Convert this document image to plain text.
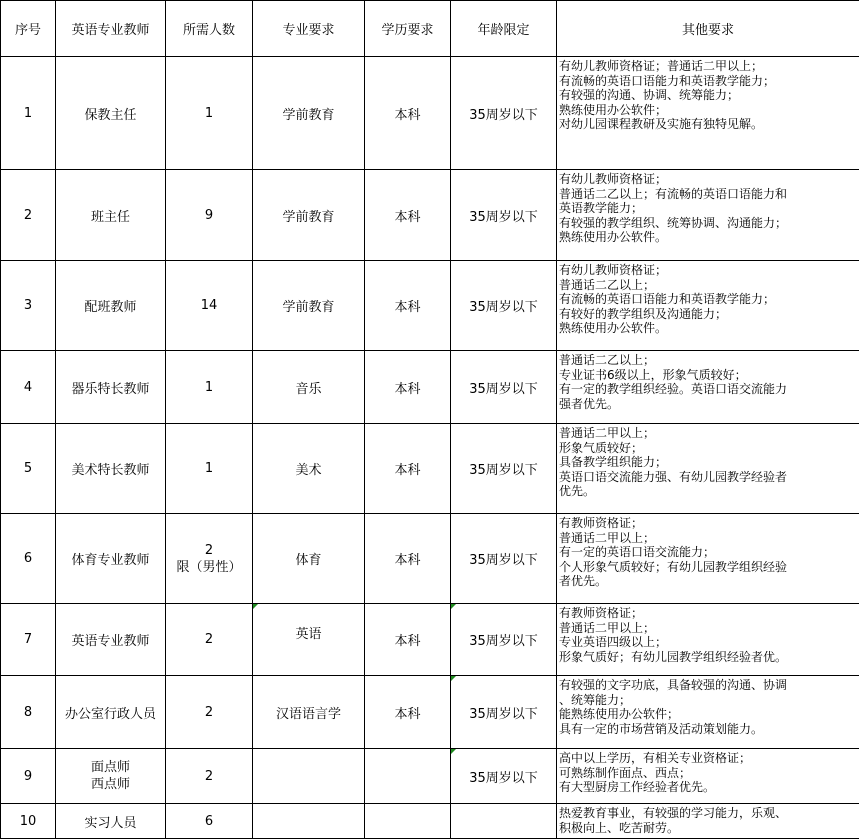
序号	英语专业教师	所需人数	专业要求	学历要求	年龄限定	其他要求
1	保教主任	1	学前教育	本科	35周岁以下	有幼儿教师资格证；普通话二甲以上；
有流畅的英语口语能力和英语教学能力；
有较强的沟通、协调、统筹能力；
熟练使用办公软件；
对幼儿园课程教研及实施有独特见解。

2	班主任	9	学前教育	本科	35周岁以下	有幼儿教师资格证；
普通话二乙以上；有流畅的英语口语能力和
英语教学能力；
有较强的教学组织、统筹协调、沟通能力；
熟练使用办公软件。

3	配班教师	14	学前教育	本科	35周岁以下	有幼儿教师资格证；
普通话二乙以上；
有流畅的英语口语能力和英语教学能力；
有较好的教学组织及沟通能力；
熟练使用办公软件。

4	器乐特长教师	1	音乐	本科	35周岁以下	普通话二乙以上；
专业证书6级以上，形象气质较好；
有一定的教学组织经验。英语口语交流能力
强者优先。

5	美术特长教师	1	美术	本科	35周岁以下	普通话二甲以上；
形象气质较好；
具备教学组织能力；
英语口语交流能力强、有幼儿园教学经验者
优先。

6	体育专业教师	2
限（男性）	体育	本科	35周岁以下	有教师资格证；
普通话二甲以上；
有一定的英语口语交流能力；
个人形象气质较好；有幼儿园教学组织经验
者优先。

7	英语专业教师	2	英语	本科	35周岁以下	有教师资格证；
普通话二甲以上；
专业英语四级以上；
形象气质好；有幼儿园教学组织经验者优。

8	办公室行政人员	2	汉语语言学	本科	35周岁以下	有较强的文字功底，具备较强的沟通、协调
、统筹能力；
能熟练使用办公软件；
具有一定的市场营销及活动策划能力。

9	面点师
西点师	2			35周岁以下	高中以上学历，有相关专业资格证；
可熟练制作面点、西点；
有大型厨房工作经验者优先。

10	实习人员	6				热爱教育事业，有较强的学习能力，乐观、
积极向上、吃苦耐劳。
